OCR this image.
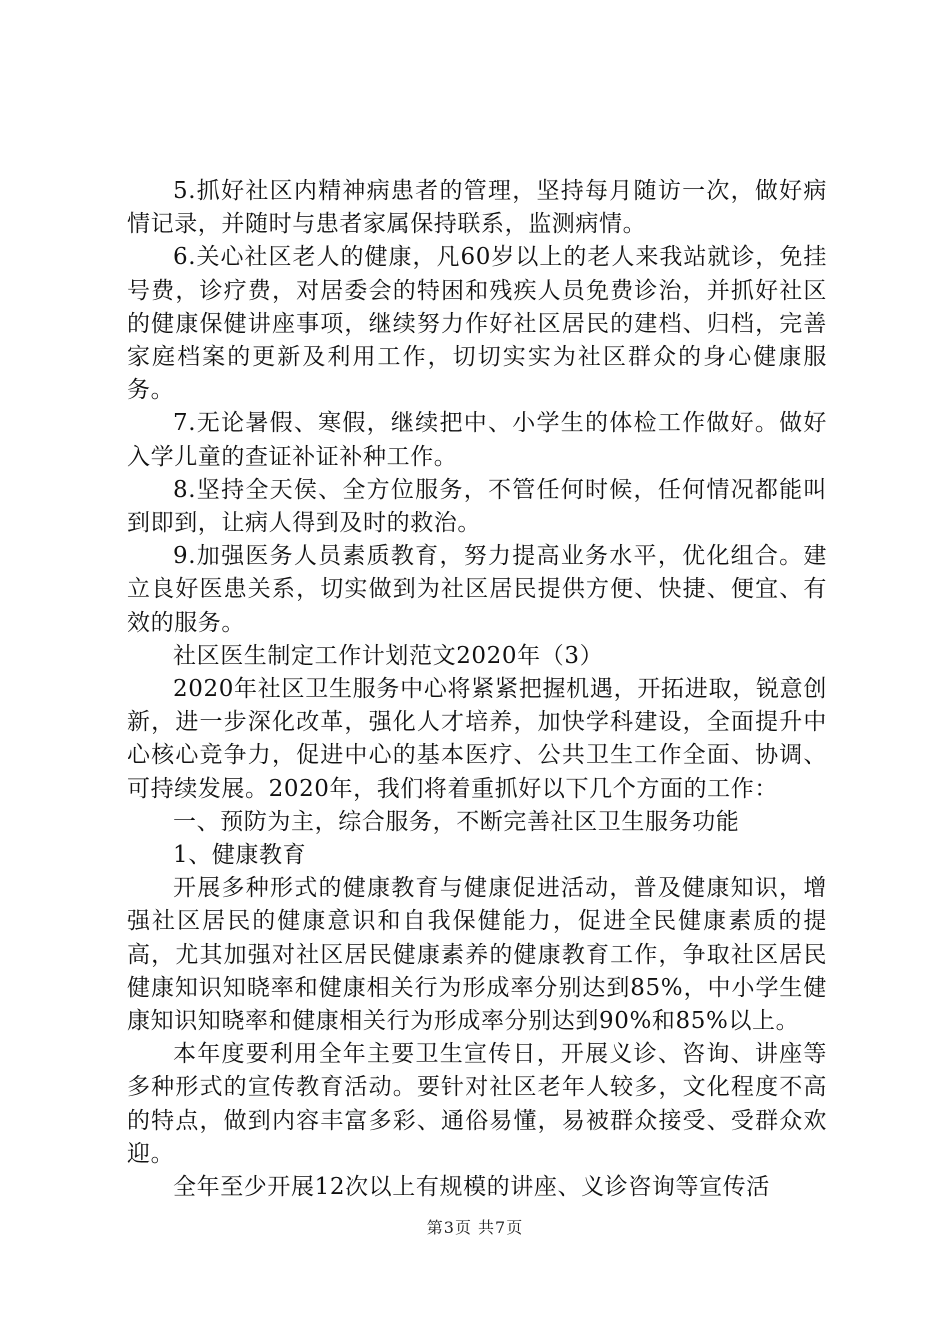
5.抓好社区内精神病患者的管理，坚持每月随访一次，做好病情记录，并随时与患者家属保持联系，监测病情。

6.关心社区老人的健康，凡60岁以上的老人来我站就诊，免挂号费，诊疗费，对居委会的特困和残疾人员免费诊治，并抓好社区的健康保健讲座事项，继续努力作好社区居民的建档、归档，完善家庭档案的更新及利用工作，切切实实为社区群众的身心健康服务。

7.无论暑假、寒假，继续把中、小学生的体检工作做好。做好入学儿童的查证补证补种工作。

8.坚持全天侯、全方位服务，不管任何时候，任何情况都能叫到即到，让病人得到及时的救治。

9.加强医务人员素质教育，努力提高业务水平，优化组合。建立良好医患关系，切实做到为社区居民提供方便、快捷、便宜、有效的服务。

社区医生制定工作计划范文2020年（3）

2020年社区卫生服务中心将紧紧把握机遇，开拓进取，锐意创新，进一步深化改革，强化人才培养，加快学科建设，全面提升中心核心竞争力，促进中心的基本医疗、公共卫生工作全面、协调、可持续发展。2020年，我们将着重抓好以下几个方面的工作：

一、预防为主，综合服务，不断完善社区卫生服务功能

1、健康教育

开展多种形式的健康教育与健康促进活动，普及健康知识，增强社区居民的健康意识和自我保健能力，促进全民健康素质的提高，尤其加强对社区居民健康素养的健康教育工作，争取社区居民健康知识知晓率和健康相关行为形成率分别达到85%，中小学生健康知识知晓率和健康相关行为形成率分别达到90%和85%以上。

本年度要利用全年主要卫生宣传日，开展义诊、咨询、讲座等多种形式的宣传教育活动。要针对社区老年人较多，文化程度不高的特点，做到内容丰富多彩、通俗易懂，易被群众接受、受群众欢迎。

全年至少开展12次以上有规模的讲座、义诊咨询等宣传活

第3页 共7页
